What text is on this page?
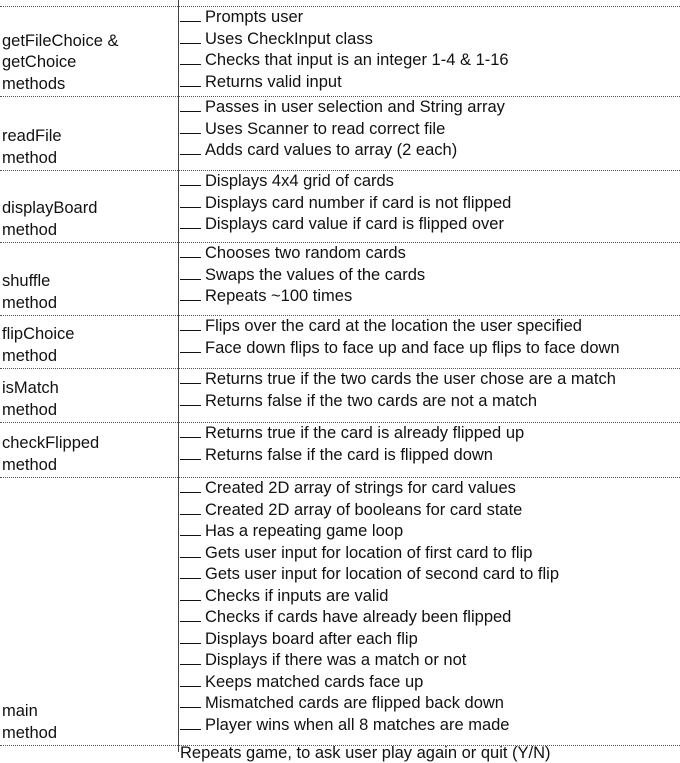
Prompts user
Uses CheckInput class
Checks that input is an integer 1-4 & 1-16
Returns valid input
getFileChoice &
getChoice
methods
Passes in user selection and String array
Uses Scanner to read correct file
Adds card values to array (2 each)
readFile
method
Displays 4x4 grid of cards
Displays card number if card is not flipped
Displays card value if card is flipped over
displayBoard
method
Chooses two random cards
Swaps the values of the cards
Repeats ~100 times
shuffle
method
Flips over the card at the location the user specified
Face down flips to face up and face up flips to face down
flipChoice
method
Returns true if the two cards the user chose are a match
Returns false if the two cards are not a match
isMatch
method
Returns true if the card is already flipped up
Returns false if the card is flipped down
checkFlipped
method
Created 2D array of strings for card values
Created 2D array of booleans for card state
Has a repeating game loop
Gets user input for location of first card to flip
Gets user input for location of second card to flip
Checks if inputs are valid
Checks if cards have already been flipped
Displays board after each flip
Displays if there was a match or not
Keeps matched cards face up
Mismatched cards are flipped back down
Player wins when all 8 matches are made
main
method
Repeats game, to ask user play again or quit (Y/N)
